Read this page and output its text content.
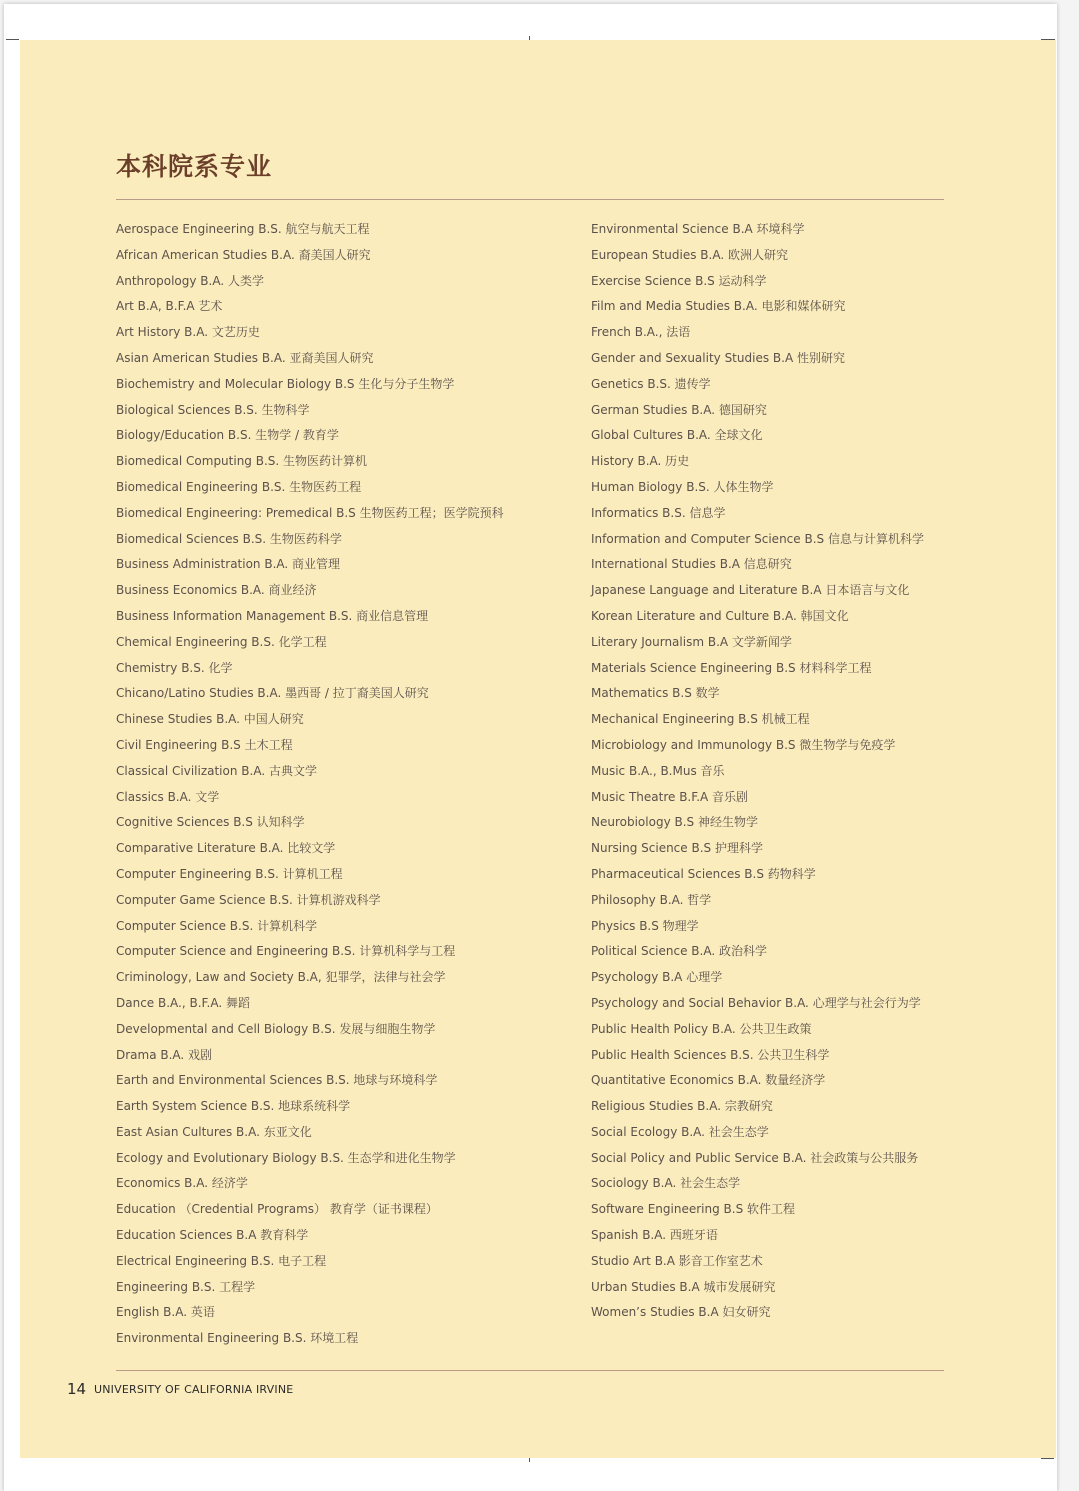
本科院系专业
Aerospace Engineering B.S. 航空与航天工程
African American Studies B.A. 裔美国人研究
Anthropology B.A. 人类学
Art B.A, B.F.A 艺术
Art History B.A. 文艺历史
Asian American Studies B.A. 亚裔美国人研究
Biochemistry and Molecular Biology B.S 生化与分子生物学
Biological Sciences B.S. 生物科学
Biology/Education B.S. 生物学 / 教育学
Biomedical Computing B.S. 生物医药计算机
Biomedical Engineering B.S. 生物医药工程
Biomedical Engineering: Premedical B.S 生物医药工程；医学院预科
Biomedical Sciences B.S. 生物医药科学
Business Administration B.A. 商业管理
Business Economics B.A. 商业经济
Business Information Management B.S. 商业信息管理
Chemical Engineering B.S. 化学工程
Chemistry B.S. 化学
Chicano/Latino Studies B.A. 墨西哥 / 拉丁裔美国人研究
Chinese Studies B.A. 中国人研究
Civil Engineering B.S 土木工程
Classical Civilization B.A. 古典文学
Classics B.A. 文学
Cognitive Sciences B.S 认知科学
Comparative Literature B.A. 比较文学
Computer Engineering B.S. 计算机工程
Computer Game Science B.S. 计算机游戏科学
Computer Science B.S. 计算机科学
Computer Science and Engineering B.S. 计算机科学与工程
Criminology, Law and Society B.A, 犯罪学，法律与社会学
Dance B.A., B.F.A. 舞蹈
Developmental and Cell Biology B.S. 发展与细胞生物学
Drama B.A. 戏剧
Earth and Environmental Sciences B.S. 地球与环境科学
Earth System Science B.S. 地球系统科学
East Asian Cultures B.A. 东亚文化
Ecology and Evolutionary Biology B.S. 生态学和进化生物学
Economics B.A. 经济学
Education （Credential Programs） 教育学（证书课程）
Education Sciences B.A 教育科学
Electrical Engineering B.S. 电子工程
Engineering B.S. 工程学
English B.A. 英语
Environmental Engineering B.S. 环境工程
Environmental Science B.A 环境科学
European Studies B.A. 欧洲人研究
Exercise Science B.S 运动科学
Film and Media Studies B.A. 电影和媒体研究
French B.A., 法语
Gender and Sexuality Studies B.A 性别研究
Genetics B.S. 遗传学
German Studies B.A. 德国研究
Global Cultures B.A. 全球文化
History B.A. 历史
Human Biology B.S. 人体生物学
Informatics B.S. 信息学
Information and Computer Science B.S 信息与计算机科学
International Studies B.A 信息研究
Japanese Language and Literature B.A 日本语言与文化
Korean Literature and Culture B.A. 韩国文化
Literary Journalism B.A 文学新闻学
Materials Science Engineering B.S 材料科学工程
Mathematics B.S 数学
Mechanical Engineering B.S 机械工程
Microbiology and Immunology B.S 微生物学与免疫学
Music B.A., B.Mus 音乐
Music Theatre B.F.A 音乐剧
Neurobiology B.S 神经生物学
Nursing Science B.S 护理科学
Pharmaceutical Sciences B.S 药物科学
Philosophy B.A. 哲学
Physics B.S 物理学
Political Science B.A. 政治科学
Psychology B.A 心理学
Psychology and Social Behavior B.A. 心理学与社会行为学
Public Health Policy B.A. 公共卫生政策
Public Health Sciences B.S. 公共卫生科学
Quantitative Economics B.A. 数量经济学
Religious Studies B.A. 宗教研究
Social Ecology B.A. 社会生态学
Social Policy and Public Service B.A. 社会政策与公共服务
Sociology B.A. 社会生态学
Software Engineering B.S 软件工程
Spanish B.A. 西班牙语
Studio Art B.A 影音工作室艺术
Urban Studies B.A 城市发展研究
Women’s Studies B.A 妇女研究
14 UNIVERSITY OF CALIFORNIA IRVINE
